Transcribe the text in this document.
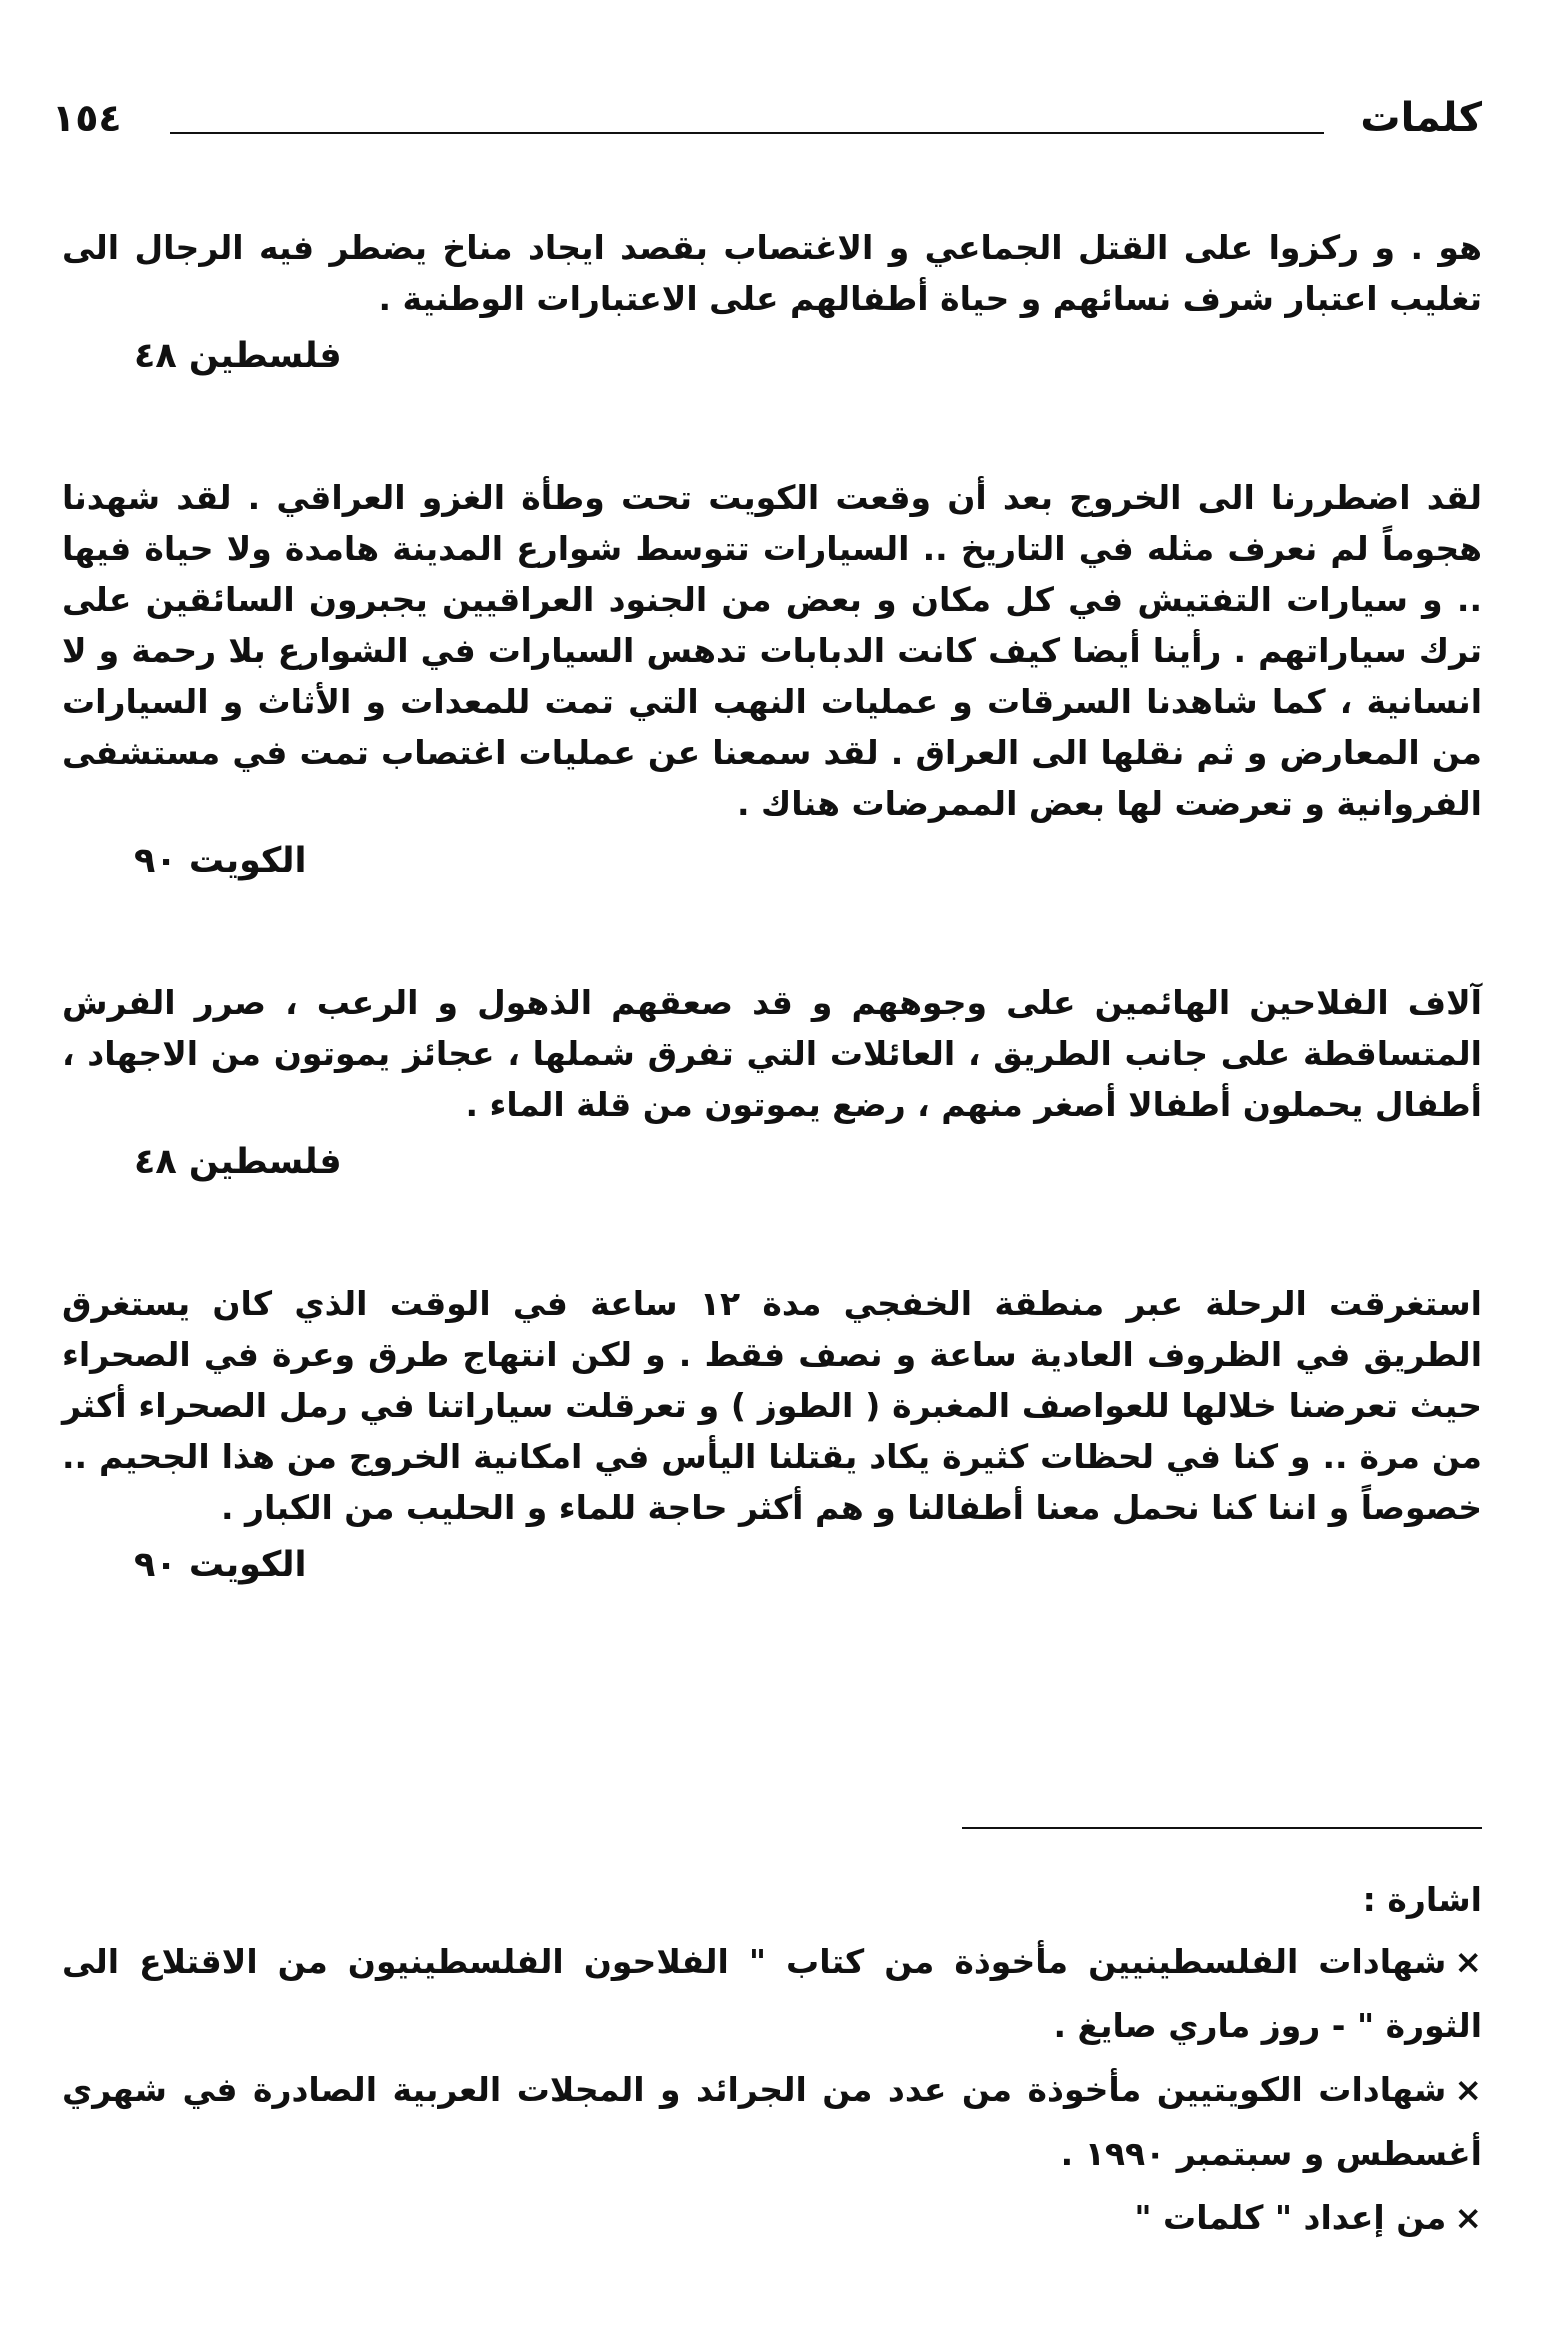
كلمات
١٥٤

هو . و ركزوا على القتل الجماعي و الاغتصاب بقصد ايجاد مناخ يضطر فيه الرجال الى تغليب اعتبار شرف نسائهم و حياة أطفالهم على الاعتبارات الوطنية .

فلسطين ٤٨

لقد اضطررنا الى الخروج بعد أن وقعت الكويت تحت وطأة الغزو العراقي . لقد شهدنا هجوماً لم نعرف مثله في التاريخ .. السيارات تتوسط شوارع المدينة هامدة ولا حياة فيها .. و سيارات التفتيش في كل مكان و بعض من الجنود العراقيين يجبرون السائقين على ترك سياراتهم . رأينا أيضا كيف كانت الدبابات تدهس السيارات في الشوارع بلا رحمة و لا انسانية ، كما شاهدنا السرقات و عمليات النهب التي تمت للمعدات و الأثاث و السيارات من المعارض و ثم نقلها الى العراق . لقد سمعنا عن عمليات اغتصاب تمت في مستشفى الفروانية و تعرضت لها بعض الممرضات هناك .

الكويت ٩٠

آلاف الفلاحين الهائمين على وجوههم و قد صعقهم الذهول و الرعب ، صرر الفرش المتساقطة على جانب الطريق ، العائلات التي تفرق شملها ، عجائز يموتون من الاجهاد ، أطفال يحملون أطفالا أصغر منهم ، رضع يموتون من قلة الماء .

فلسطين ٤٨

استغرقت الرحلة عبر منطقة الخفجي مدة ١٢ ساعة في الوقت الذي كان يستغرق الطريق في الظروف العادية ساعة و نصف فقط . و لكن انتهاج طرق وعرة في الصحراء حيث تعرضنا خلالها للعواصف المغبرة ( الطوز ) و تعرقلت سياراتنا في رمل الصحراء أكثر من مرة .. و كنا في لحظات كثيرة يكاد يقتلنا اليأس في امكانية الخروج من هذا الجحيم .. خصوصاً و اننا كنا نحمل معنا أطفالنا و هم أكثر حاجة للماء و الحليب من الكبار .

الكويت ٩٠

اشارة :

×شهادات الفلسطينيين مأخوذة من كتاب " الفلاحون الفلسطينيون من الاقتلاع الى الثورة " - روز ماري صايغ .

×شهادات الكويتيين مأخوذة من عدد من الجرائد و المجلات العربية الصادرة في شهري أغسطس و سبتمبر ١٩٩٠ .

×من إعداد " كلمات "
